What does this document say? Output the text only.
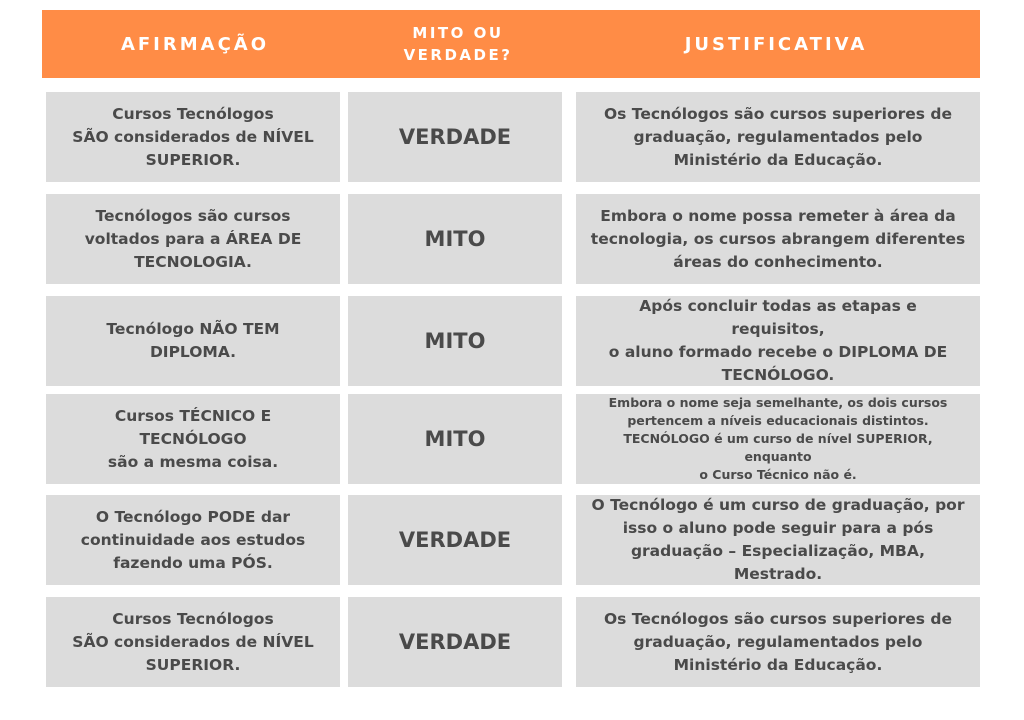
AFIRMAÇÃO
MITO OU
VERDADE?
JUSTIFICATIVA
Cursos Tecnólogos
SÃO considerados de NÍVEL
SUPERIOR.
VERDADE
Os Tecnólogos são cursos superiores de
graduação, regulamentados pelo
Ministério da Educação.
Tecnólogos são cursos
voltados para a ÁREA DE
TECNOLOGIA.
MITO
Embora o nome possa remeter à área da
tecnologia, os cursos abrangem diferentes
áreas do conhecimento.
Tecnólogo NÃO TEM
DIPLOMA.	MITO
Após concluir todas as etapas e requisitos,
o aluno formado recebe o DIPLOMA DE
TECNÓLOGO.
Cursos TÉCNICO E TECNÓLOGO
são a mesma coisa.
MITO
Embora o nome seja semelhante, os dois cursos
pertencem a níveis educacionais distintos.
TECNÓLOGO é um curso de nível SUPERIOR, enquanto
o Curso Técnico não é.
O Tecnólogo PODE dar
continuidade aos estudos
fazendo uma PÓS.
VERDADE
O Tecnólogo é um curso de graduação, por
isso o aluno pode seguir para a pós
graduação – Especialização, MBA, Mestrado.
Cursos Tecnólogos
SÃO considerados de NÍVEL
SUPERIOR.
VERDADE
Os Tecnólogos são cursos superiores de
graduação, regulamentados pelo
Ministério da Educação.
